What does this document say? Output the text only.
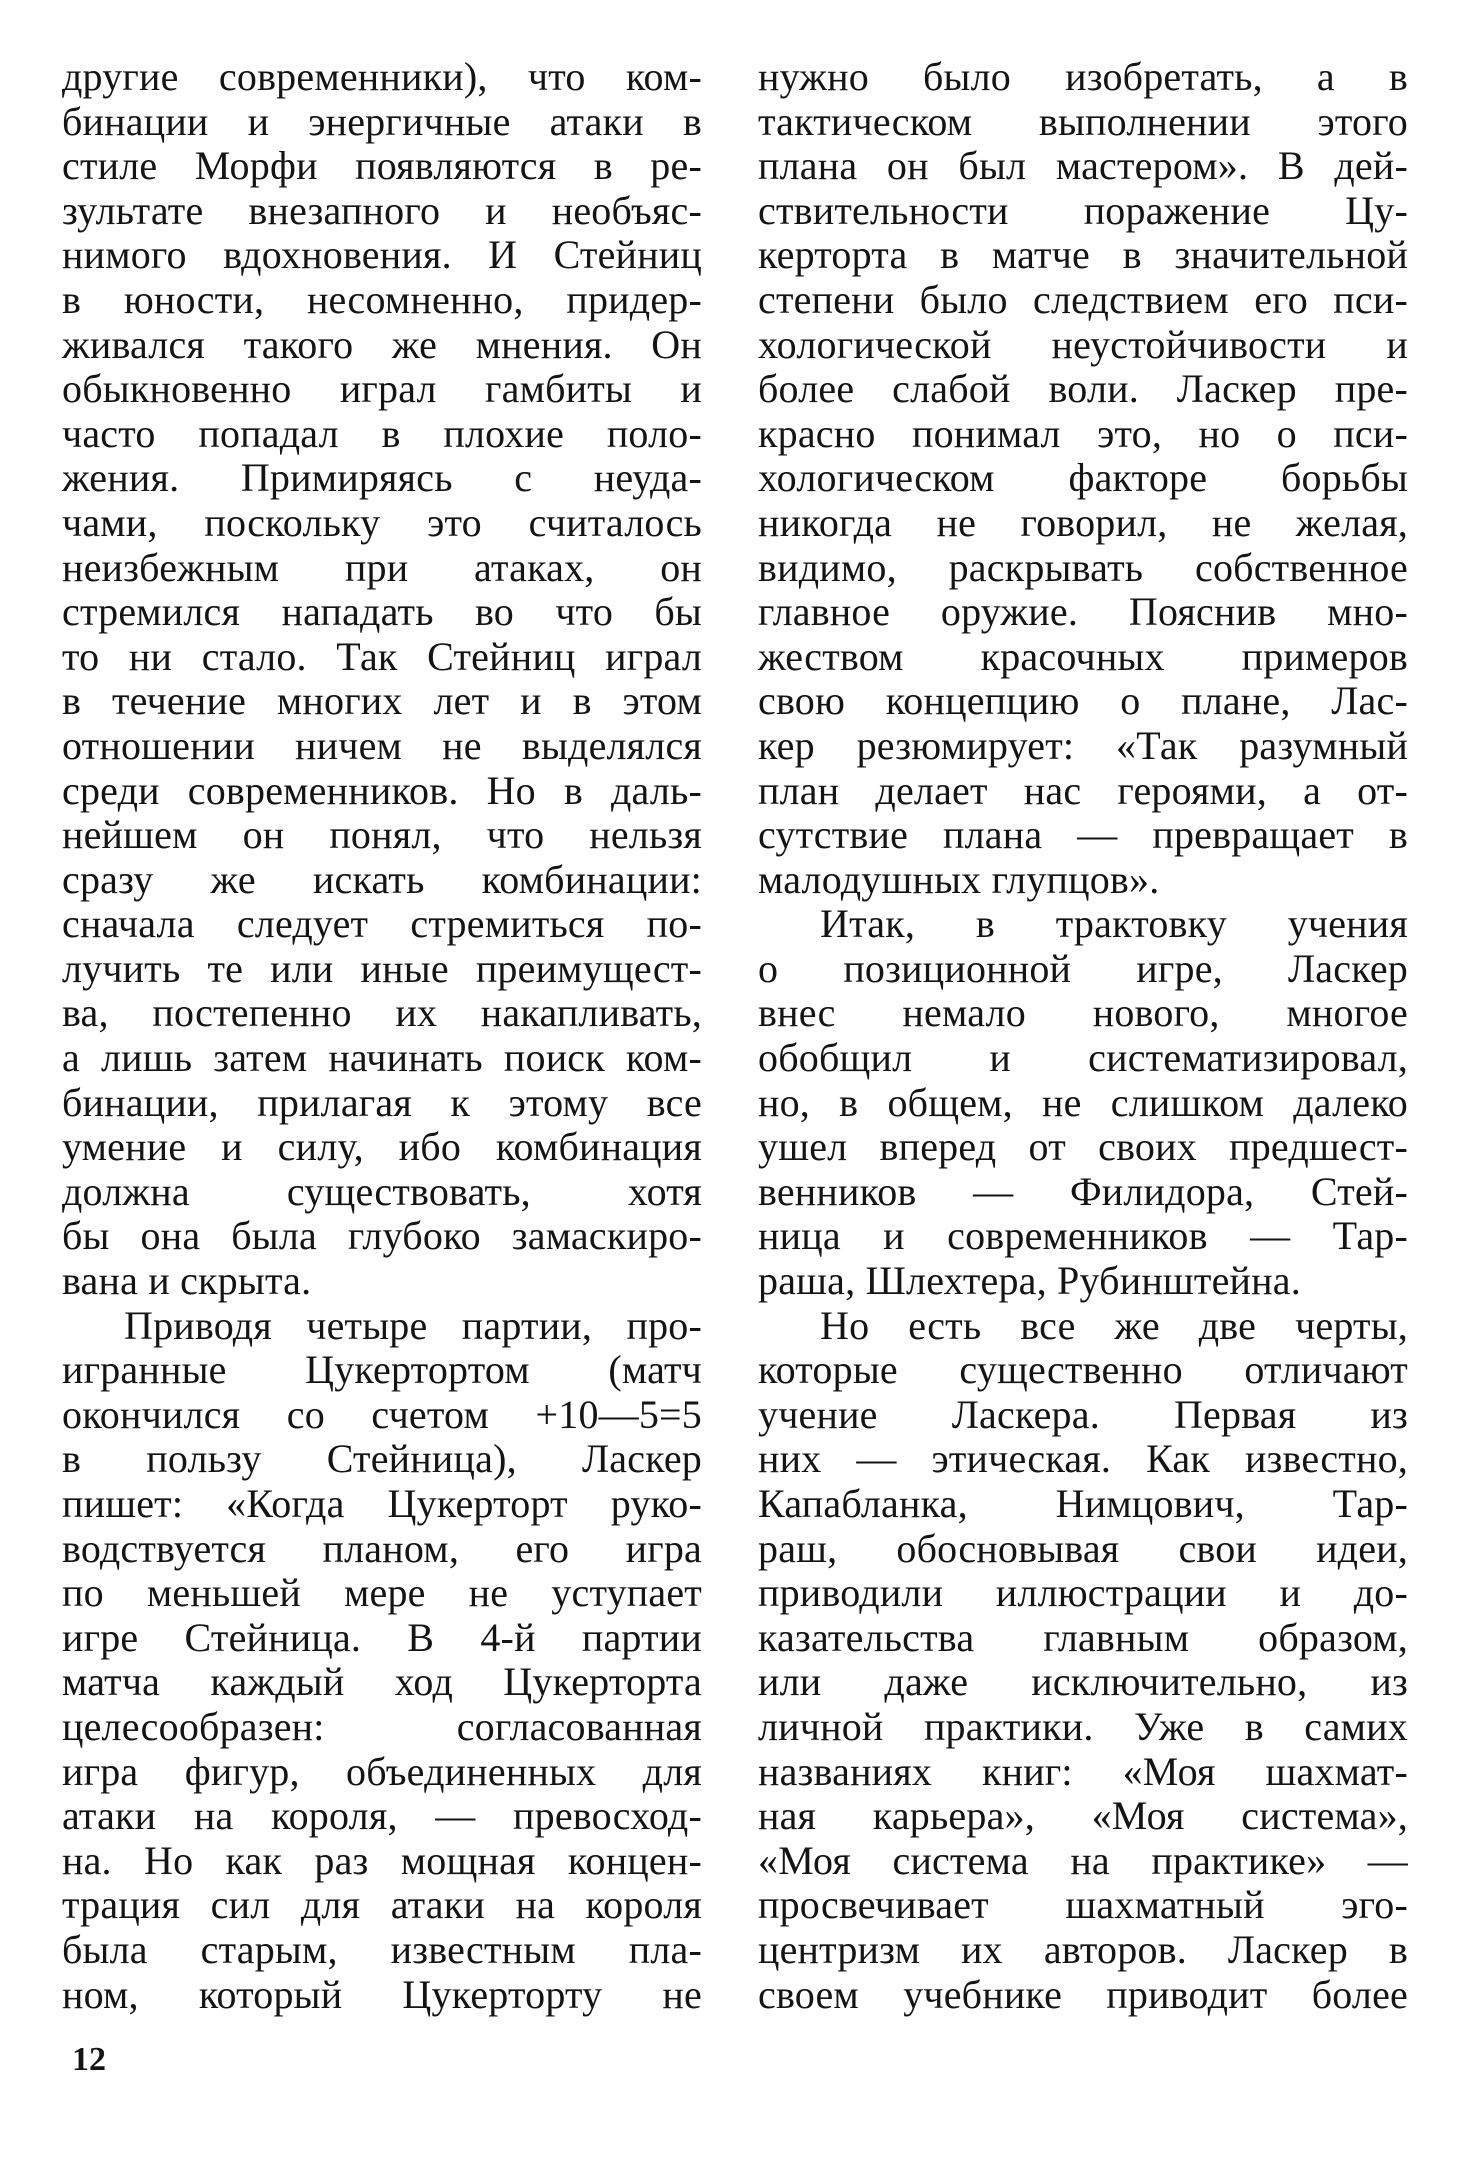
другие современники), что ком-
бинации и энергичные атаки в
стиле Морфи появляются в ре-
зультате внезапного и необъяс-
нимого вдохновения. И Стейниц
в юности, несомненно, придер-
живался такого же мнения. Он
обыкновенно играл гамбиты и
часто попадал в плохие поло-
жения. Примиряясь с неуда-
чами, поскольку это считалось
неизбежным при атаках, он
стремился нападать во что бы
то ни стало. Так Стейниц играл
в течение многих лет и в этом
отношении ничем не выделялся
среди современников. Но в даль-
нейшем он понял, что нельзя
сразу же искать комбинации:
сначала следует стремиться по-
лучить те или иные преимущест-
ва, постепенно их накапливать,
а лишь затем начинать поиск ком-
бинации, прилагая к этому все
умение и силу, ибо комбинация
должна существовать, хотя
бы она была глубоко замаскиро-
вана и скрыта.
Приводя четыре партии, про-
игранные Цукертортом (матч
окончился со счетом +10—5=5
в пользу Стейница), Ласкер
пишет: «Когда Цукерторт руко-
водствуется планом, его игра
по меньшей мере не уступает
игре Стейница. В 4-й партии
матча каждый ход Цукерторта
целесообразен: согласованная
игра фигур, объединенных для
атаки на короля, — превосход-
на. Но как раз мощная концен-
трация сил для атаки на короля
была старым, известным пла-
ном, который Цукерторту не
нужно было изобретать, а в
тактическом выполнении этого
плана он был мастером». В дей-
ствительности поражение Цу-
керторта в матче в значительной
степени было следствием его пси-
хологической неустойчивости и
более слабой воли. Ласкер пре-
красно понимал это, но о пси-
хологическом факторе борьбы
никогда не говорил, не желая,
видимо, раскрывать собственное
главное оружие. Пояснив мно-
жеством красочных примеров
свою концепцию о плане, Лас-
кер резюмирует: «Так разумный
план делает нас героями, а от-
сутствие плана — превращает в
малодушных глупцов».
Итак, в трактовку учения
о позиционной игре, Ласкер
внес немало нового, многое
обобщил и систематизировал,
но, в общем, не слишком далеко
ушел вперед от своих предшест-
венников — Филидора, Стей-
ница и современников — Тар-
раша, Шлехтера, Рубинштейна.
Но есть все же две черты,
которые существенно отличают
учение Ласкера. Первая из
них — этическая. Как известно,
Капабланка, Нимцович, Тар-
раш, обосновывая свои идеи,
приводили иллюстрации и до-
казательства главным образом,
или даже исключительно, из
личной практики. Уже в самих
названиях книг: «Моя шахмат-
ная карьера», «Моя система»,
«Моя система на практике» —
просвечивает шахматный эго-
центризм их авторов. Ласкер в
своем учебнике приводит более
12
